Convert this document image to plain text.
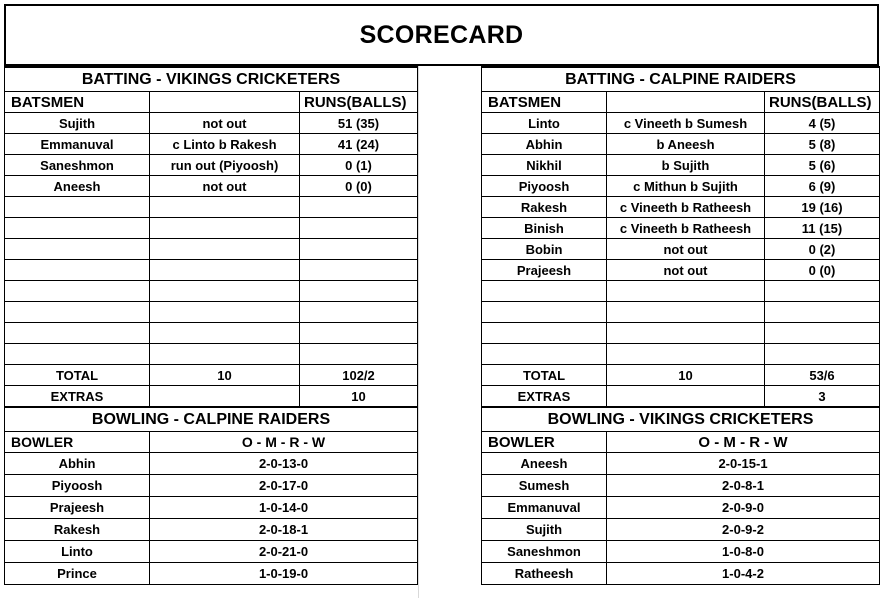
SCORECARD
BATTING - VIKINGS CRICKETERS		
BATSMEN		RUNS(BALLS)
Sujith	not out	51 (35)
Emmanuval	c Linto b Rakesh	41 (24)
Saneshmon	run out (Piyoosh)	0 (1)
Aneesh	not out	0 (0)

TOTAL	10	102/2
EXTRAS		10
BOWLING - CALPINE RAIDERS		
BOWLER	O - M - R - W	
Abhin	2-0-13-0	
Piyoosh	2-0-17-0	
Prajeesh	1-0-14-0	
Rakesh	2-0-18-1	
Linto	2-0-21-0	
Prince	1-0-19-0	
BATTING - CALPINE RAIDERS		
BATSMEN		RUNS(BALLS)
Linto	c Vineeth b Sumesh	4 (5)
Abhin	b Aneesh	5 (8)
Nikhil	b Sujith	5 (6)
Piyoosh	c Mithun b Sujith	6 (9)
Rakesh	c Vineeth b Ratheesh	19 (16)
Binish	c Vineeth b Ratheesh	11 (15)
Bobin	not out	0 (2)
Prajeesh	not out	0 (0)

TOTAL	10	53/6
EXTRAS		3
BOWLING - VIKINGS CRICKETERS		
BOWLER	O - M - R - W	
Aneesh	2-0-15-1	
Sumesh	2-0-8-1	
Emmanuval	2-0-9-0	
Sujith	2-0-9-2	
Saneshmon	1-0-8-0	
Ratheesh	1-0-4-2	
